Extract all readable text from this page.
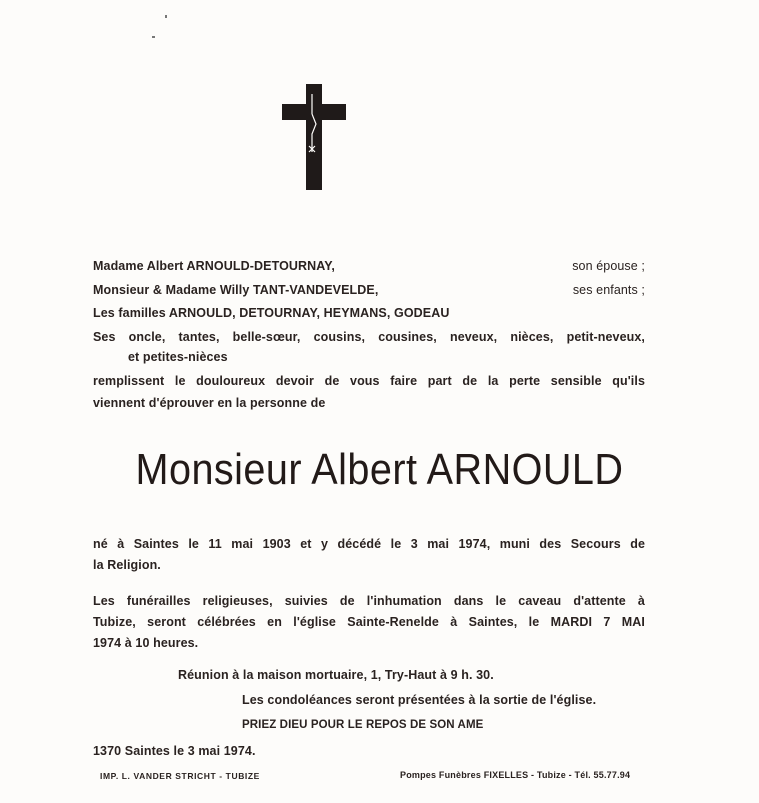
Madame Albert ARNOULD-DETOURNAY,	son épouse ;
Monsieur & Madame Willy TANT-VANDEVELDE,	ses enfants ;
Les familles ARNOULD, DETOURNAY, HEYMANS, GODEAU
Ses oncle, tantes, belle-sœur, cousins, cousines, neveux, nièces, petit-neveux,
et petites-nièces
remplissent le douloureux devoir de vous faire part de la perte sensible qu'ils
viennent d'éprouver en la personne de
Monsieur Albert ARNOULD
né à Saintes le 11 mai 1903 et y décédé le 3 mai 1974, muni des Secours de
la Religion.
Les funérailles religieuses, suivies de l'inhumation dans le caveau d'attente à
Tubize, seront célébrées en l'église Sainte-Renelde à Saintes, le MARDI 7 MAI
1974 à 10 heures.
Réunion à la maison mortuaire, 1, Try-Haut à 9 h. 30.
Les condoléances seront présentées à la sortie de l'église.
PRIEZ DIEU POUR LE REPOS DE SON AME
1370 Saintes le 3 mai 1974.
IMP. L. VANDER STRICHT - TUBIZE	Pompes Funèbres FIXELLES - Tubize - Tél. 55.77.94
